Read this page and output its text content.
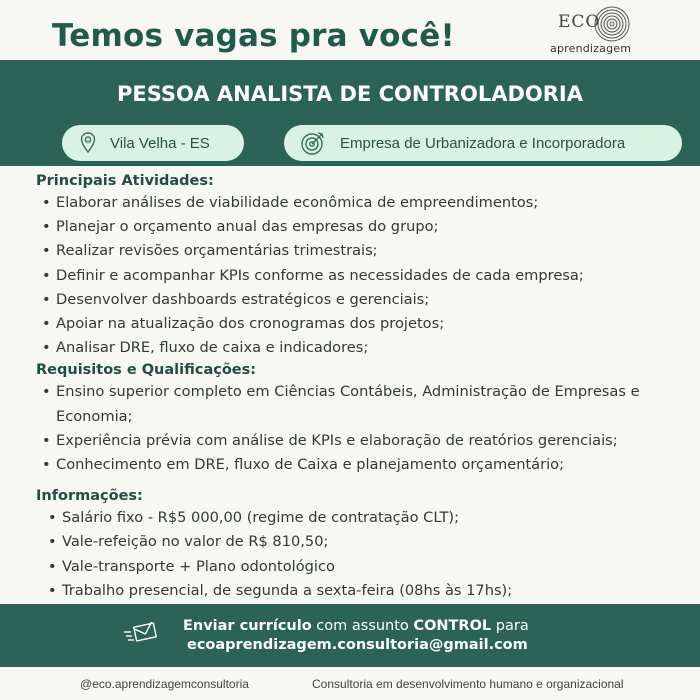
Temos vagas pra você!	ECO
aprendizagem
PESSOA ANALISTA DE CONTROLADORIA
Vila Velha - ES	Empresa de Urbanizadora e Incorporadora
Principais Atividades:
• Elaborar análises de viabilidade econômica de empreendimentos;
• Planejar o orçamento anual das empresas do grupo;
• Realizar revisões orçamentárias trimestrais;
• Definir e acompanhar KPIs conforme as necessidades de cada empresa;
• Desenvolver dashboards estratégicos e gerenciais;
• Apoiar na atualização dos cronogramas dos projetos;
• Analisar DRE, fluxo de caixa e indicadores;
Requisitos e Qualificações:
• Ensino superior completo em Ciências Contábeis, Administração de Empresas e Economia;
• Experiência prévia com análise de KPIs e elaboração de reatórios gerenciais;
• Conhecimento em DRE, fluxo de Caixa e planejamento orçamentário;
Informações:
• Salário fixo - R$5 000,00 (regime de contratação CLT);
• Vale-refeição no valor de R$ 810,50;
• Vale-transporte + Plano odontológico
• Trabalho presencial, de segunda a sexta-feira (08hs às 17hs);
Enviar currículo com assunto CONTROL para
ecoaprendizagem.consultoria@gmail.com
@eco.aprendizagemconsultoria	Consultoria em desenvolvimento humano e organizacional
